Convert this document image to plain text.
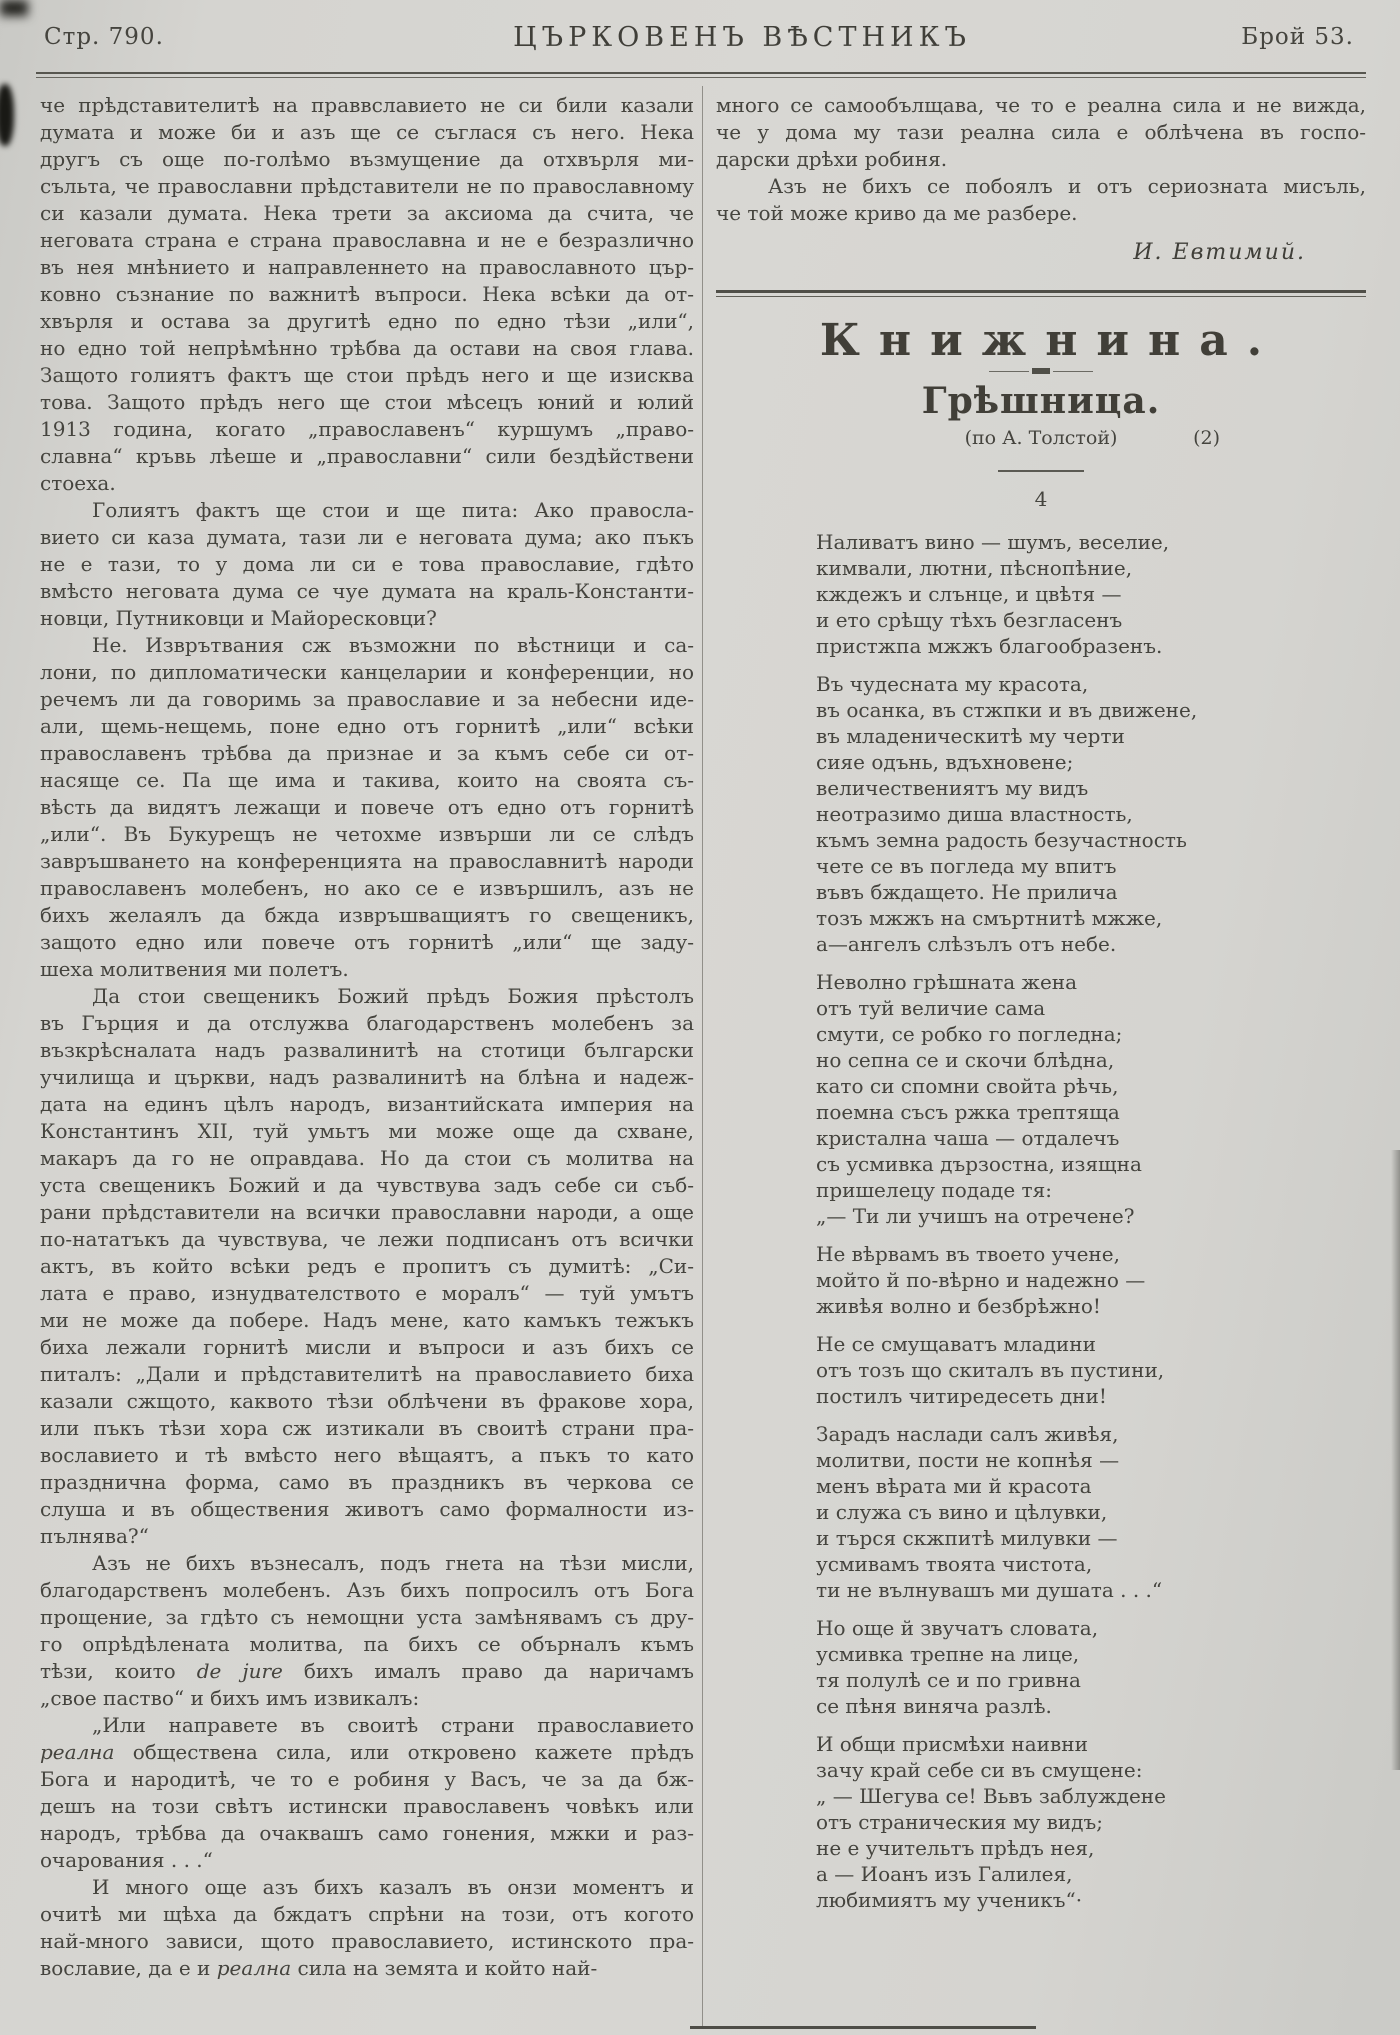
Стр. 790.	ЦЪРКОВЕНЪ ВѢСТНИКЪ	Брой 53.
че прѣдставителитѣ на праввславието не си били казали
думата и може би и азъ ще се съглася съ него. Нека
другъ съ още по-голѣмо възмущение да отхвърля ми-
съльта, че православни прѣдставители не по православному
си казали думата. Нека трети за аксиома да счита, че
неговата страна е страна православна и не е безразлично
въ нея мнѣнието и направленнето на православното цър-
ковно съзнание по важнитѣ въпроси. Нека всѣки да от-
хвърля и остава за другитѣ едно по едно тѣзи „или“,
но едно той непрѣмѣнно трѣбва да остави на своя глава.
Защото голиятъ фактъ ще стои прѣдъ него и ще изисква
това. Защото прѣдъ него ще стои мѣсецъ юний и юлий
1913 година, когато „православенъ“ куршумъ „право-
славна“ кръвь лѣеше и „православни“ сили бездѣйствени
стоеха.
Голиятъ фактъ ще стои и ще пита: Ако правосла-
вието си каза думата, тази ли е неговата дума; ако пъкъ
не е тази, то у дома ли си е това православие, гдѣто
вмѣсто неговата дума се чуе думата на краль-Константи-
новци, Путниковци и Майоресковци?
Не. Изврътвания сж възможни по вѣстници и са-
лони, по дипломатически канцеларии и конференции, но
речемъ ли да говоримь за православие и за небесни иде-
али, щемь-нещемь, поне едно отъ горнитѣ „или“ всѣки
православенъ трѣбва да признае и за къмъ себе си от-
насяще се. Па ще има и такива, които на своята съ-
вѣсть да видятъ лежащи и повече отъ едно отъ горнитѣ
„или“. Въ Букурещъ не четохме извърши ли се слѣдъ
завръшването на конференцията на православнитѣ народи
православенъ молебенъ, но ако се е извършилъ, азъ не
бихъ желаялъ да бжда извръшващиятъ го свещеникъ,
защото едно или повече отъ горнитѣ „или“ ще заду-
шеха молитвения ми полетъ.
Да стои свещеникъ Божий прѣдъ Божия прѣстолъ
въ Гърция и да отслужва благодарственъ молебенъ за
възкрѣсналата надъ развалинитѣ на стотици български
училища и църкви, надъ развалинитѣ на блѣна и надеж-
дата на единъ цѣлъ народъ, византийската империя на
Константинъ XII, туй умьтъ ми може още да схване,
макаръ да го не оправдава. Но да стои съ молитва на
уста свещеникъ Божий и да чувствува задъ себе си съб-
рани прѣдставители на всички православни народи, а още
по-нататъкъ да чувствува, че лежи подписанъ отъ всички
актъ, въ който всѣки редъ е пропитъ съ думитѣ: „Си-
лата е право, изнудвателството е моралъ“ — туй умътъ
ми не може да побере. Надъ мене, като камъкъ тежъкъ
биха лежали горнитѣ мисли и въпроси и азъ бихъ се
питалъ: „Дали и прѣдставителитѣ на православието биха
казали сжщото, каквото тѣзи облѣчени въ фракове хора,
или пъкъ тѣзи хора сж изтикали въ своитѣ страни пра-
вославието и тѣ вмѣсто него вѣщаятъ, а пъкъ то като
празднична форма, само въ праздникъ въ черкова се
слуша и въ обществения животъ само формалности из-
пълнява?“
Азъ не бихъ възнесалъ, подъ гнета на тѣзи мисли,
благодарственъ молебенъ. Азъ бихъ попросилъ отъ Бога
прощение, за гдѣто съ немощни уста замѣнявамъ съ дру-
го опрѣдѣлената молитва, па бихъ се обърналъ къмъ
тѣзи, които de jure бихъ ималъ право да наричамъ
„свое паство“ и бихъ имъ извикалъ:
„Или направете въ своитѣ страни православието
реална обществена сила, или откровено кажете прѣдъ
Бога и народитѣ, че то е робиня у Васъ, че за да бж-
дешъ на този свѣтъ истински православенъ човѣкъ или
народъ, трѣбва да очаквашъ само гонения, мжки и раз-
очарования . . .“
И много още азъ бихъ казалъ въ онзи моментъ и
очитѣ ми щѣха да бждатъ спрѣни на този, отъ когото
най-много зависи, щото православието, истинското пра-
вославие, да е и реална сила на земята и който най-
много се самообълщава, че то е реална сила и не вижда,
че у дома му тази реална сила е облѣчена въ госпо-
дарски дрѣхи робиня.
Азъ не бихъ се побоялъ и отъ сериозната мисъль,
че той може криво да ме разбере.
И. Евтимий.
Книжнина.
Грѣшница.
(по А. Толстой)	(2)
4
Наливатъ вино — шумъ, веселие,
кимвали, лютни, пѣснопѣние,
кждежъ и слънце, и цвѣтя —
и ето срѣщу тѣхъ безгласенъ
пристжпа мжжъ благообразенъ.
Въ чудесната му красота,
въ осанка, въ стжпки и въ движене,
въ младеническитѣ му черти
сияе одънь, вдъхновене;
величествениятъ му видъ
неотразимо диша властность,
къмъ земна радость безучастность
чете се въ погледа му впитъ
въвъ бждащето. Не прилича
тозъ мжжъ на смъртнитѣ мжже,
а—ангелъ слѣзълъ отъ небе.
Неволно грѣшната жена
отъ туй величие сама
смути, се робко го погледна;
но сепна се и скочи блѣдна,
като си спомни свойта рѣчь,
поемна съсъ ржка трептяща
кристална чаша — отдалечъ
съ усмивка дързостна, изящна
пришелецу подаде тя:
„— Ти ли учишъ на отречене?
Не вѣрвамъ въ твоето учене,
мойто й по-вѣрно и надежно —
живѣя волно и безбрѣжно!
Не се смущаватъ младини
отъ тозъ що скиталъ въ пустини,
постилъ читиредесеть дни!
Зарадъ наслади салъ живѣя,
молитви, пости не копнѣя —
менъ вѣрата ми й красота
и служа съ вино и цѣлувки,
и търся скжпитѣ милувки —
усмивамъ твоята чистота,
ти не вълнувашъ ми душата . . .“
Но още й звучатъ словата,
усмивка трепне на лице,
тя полулѣ се и по гривна
се пѣня виняча разлѣ.
И общи присмѣхи наивни
зачу край себе си въ смущене:
„ — Шегува се! Вьвъ заблуждене
отъ страническия му видъ;
не е учительтъ прѣдъ нея,
а — Иоанъ изъ Галилея,
любимиятъ му ученикъ“·
